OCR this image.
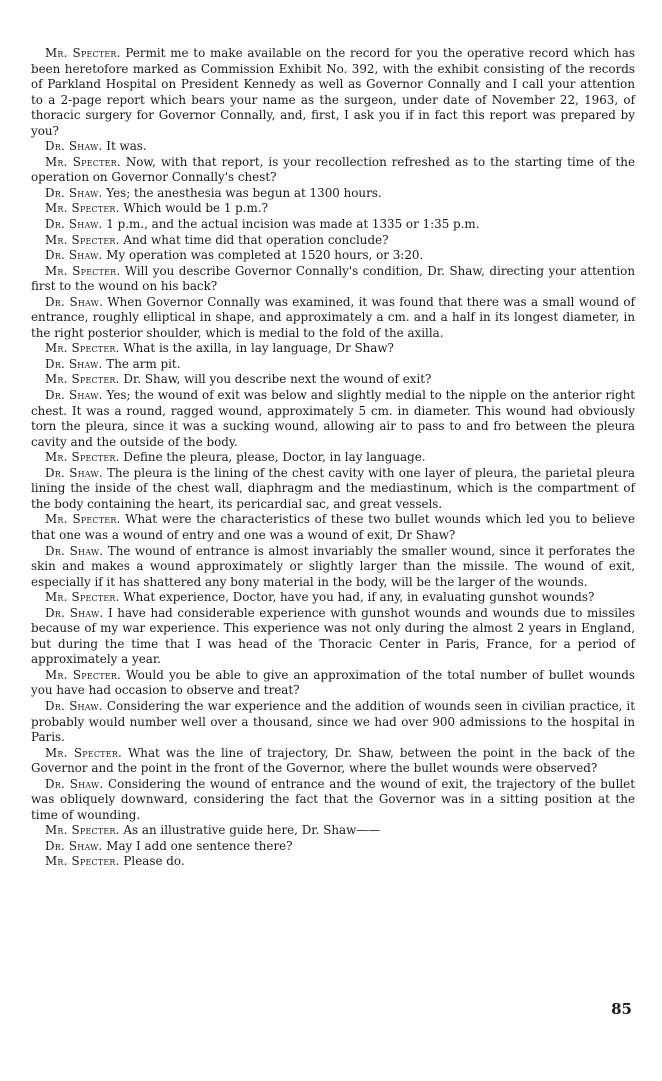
Mr. Specter. Permit me to make available on the record for you the operative record which has been heretofore marked as Commission Exhibit No. 392, with the exhibit consisting of the records of Parkland Hospital on President Kennedy as well as Governor Connally and I call your attention to a 2-page report which bears your name as the surgeon, under date of November 22, 1963, of thoracic surgery for Governor Connally, and, first, I ask you if in fact this report was prepared by you?

Dr. Shaw. It was.

Mr. Specter. Now, with that report, is your recollection refreshed as to the starting time of the operation on Governor Connally's chest?

Dr. Shaw. Yes; the anesthesia was begun at 1300 hours.

Mr. Specter. Which would be 1 p.m.?

Dr. Shaw. 1 p.m., and the actual incision was made at 1335 or 1:35 p.m.

Mr. Specter. And what time did that operation conclude?

Dr. Shaw. My operation was completed at 1520 hours, or 3:20.

Mr. Specter. Will you describe Governor Connally's condition, Dr. Shaw, directing your attention first to the wound on his back?

Dr. Shaw. When Governor Connally was examined, it was found that there was a small wound of entrance, roughly elliptical in shape, and approximately a cm. and a half in its longest diameter, in the right posterior shoulder, which is medial to the fold of the axilla.

Mr. Specter. What is the axilla, in lay language, Dr Shaw?

Dr. Shaw. The arm pit.

Mr. Specter. Dr. Shaw, will you describe next the wound of exit?

Dr. Shaw. Yes; the wound of exit was below and slightly medial to the nipple on the anterior right chest. It was a round, ragged wound, approximately 5 cm. in diameter. This wound had obviously torn the pleura, since it was a sucking wound, allowing air to pass to and fro between the pleura cavity and the outside of the body.

Mr. Specter. Define the pleura, please, Doctor, in lay language.

Dr. Shaw. The pleura is the lining of the chest cavity with one layer of pleura, the parietal pleura lining the inside of the chest wall, diaphragm and the mediastinum, which is the compartment of the body containing the heart, its pericardial sac, and great vessels.

Mr. Specter. What were the characteristics of these two bullet wounds which led you to believe that one was a wound of entry and one was a wound of exit, Dr Shaw?

Dr. Shaw. The wound of entrance is almost invariably the smaller wound, since it perforates the skin and makes a wound approximately or slightly larger than the missile. The wound of exit, especially if it has shattered any bony material in the body, will be the larger of the wounds.

Mr. Specter. What experience, Doctor, have you had, if any, in evaluating gunshot wounds?

Dr. Shaw. I have had considerable experience with gunshot wounds and wounds due to missiles because of my war experience. This experience was not only during the almost 2 years in England, but during the time that I was head of the Thoracic Center in Paris, France, for a period of approximately a year.

Mr. Specter. Would you be able to give an approximation of the total number of bullet wounds you have had occasion to observe and treat?

Dr. Shaw. Considering the war experience and the addition of wounds seen in civilian practice, it probably would number well over a thousand, since we had over 900 admissions to the hospital in Paris.

Mr. Specter. What was the line of trajectory, Dr. Shaw, between the point in the back of the Governor and the point in the front of the Governor, where the bullet wounds were observed?

Dr. Shaw. Considering the wound of entrance and the wound of exit, the trajectory of the bullet was obliquely downward, considering the fact that the Governor was in a sitting position at the time of wounding.

Mr. Specter. As an illustrative guide here, Dr. Shaw——

Dr. Shaw. May I add one sentence there?

Mr. Specter. Please do.

85
